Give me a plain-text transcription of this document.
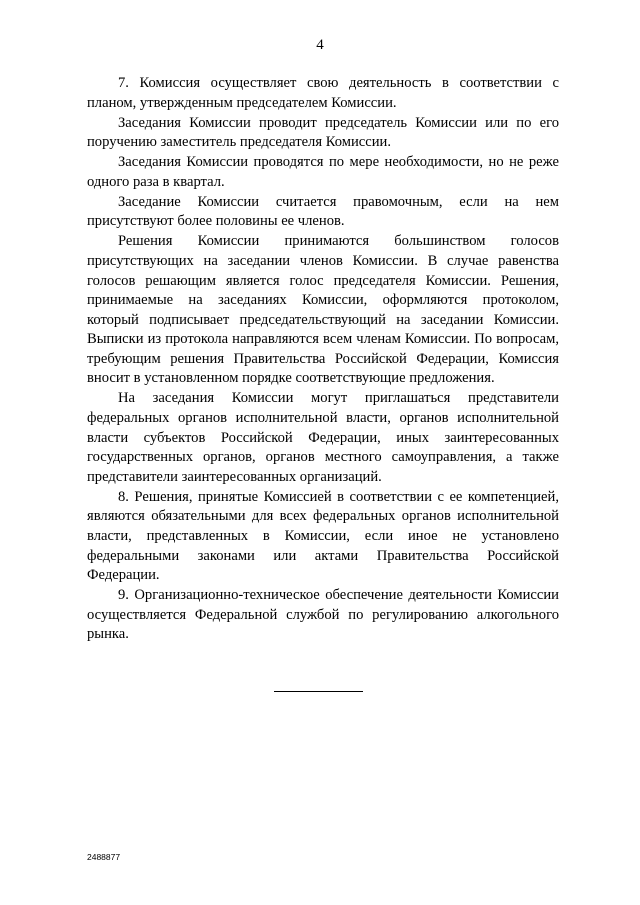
4

7. Комиссия осуществляет свою деятельность в соответствии с
планом, утвержденным председателем Комиссии.

Заседания Комиссии проводит председатель Комиссии или по его
поручению заместитель председателя Комиссии.

Заседания Комиссии проводятся по мере необходимости, но не реже
одного раза в квартал.

Заседание Комиссии считается правомочным, если на нем
присутствуют более половины ее членов.

Решения Комиссии принимаются большинством голосов
присутствующих на заседании членов Комиссии. В случае равенства
голосов решающим является голос председателя Комиссии. Решения,
принимаемые на заседаниях Комиссии, оформляются протоколом,
который подписывает председательствующий на заседании Комиссии.
Выписки из протокола направляются всем членам Комиссии. По вопросам,
требующим решения Правительства Российской Федерации, Комиссия
вносит в установленном порядке соответствующие предложения.

На заседания Комиссии могут приглашаться представители
федеральных органов исполнительной власти, органов исполнительной
власти субъектов Российской Федерации, иных заинтересованных
государственных органов, органов местного самоуправления, а также
представители заинтересованных организаций.

8. Решения, принятые Комиссией в соответствии с ее компетенцией,
являются обязательными для всех федеральных органов исполнительной
власти, представленных в Комиссии, если иное не установлено
федеральными законами или актами Правительства Российской
Федерации.

9. Организационно-техническое обеспечение деятельности Комиссии
осуществляется Федеральной службой по регулированию алкогольного
рынка.

2488877
